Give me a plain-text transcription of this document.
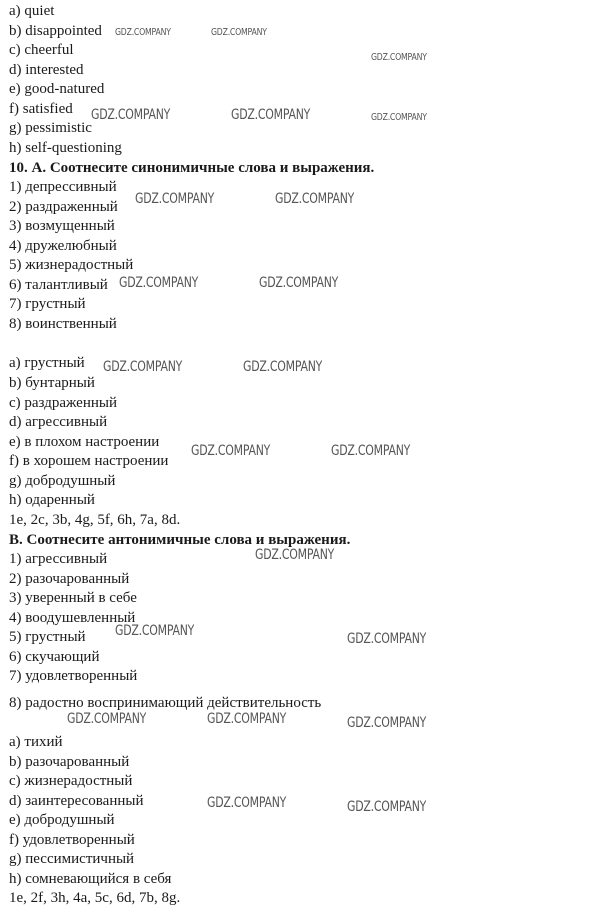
a) quiet
b) disappointed
c) cheerful
d) interested
e) good-natured
f) satisfied
g) pessimistic
h) self-questioning
10. А. Соотнесите синонимичные слова и выражения.
1) депрессивный
2) раздраженный
3) возмущенный
4) дружелюбный
5) жизнерадостный
6) талантливый
7) грустный
8) воинственный
a) грустный
b) бунтарный
c) раздраженный
d) агрессивный
e) в плохом настроении
f) в хорошем настроении
g) добродушный
h) одаренный
1e, 2c, 3b, 4g, 5f, 6h, 7a, 8d.
B. Соотнесите антонимичные слова и выражения.
1) агрессивный
2) разочарованный
3) уверенный в себе
4) воодушевленный
5) грустный
6) скучающий
7) удовлетворенный
8) радостно воспринимающий действительность
a) тихий
b) разочарованный
c) жизнерадостный
d) заинтересованный
e) добродушный
f) удовлетворенный
g) пессимистичный
h) сомневающийся в себя
1e, 2f, 3h, 4a, 5c, 6d, 7b, 8g.
GDZ.COMPANY	GDZ.COMPANY
GDZ.COMPANY
GDZ.COMPANY	GDZ.COMPANY	GDZ.COMPANY
GDZ.COMPANY	GDZ.COMPANY
GDZ.COMPANY	GDZ.COMPANY
GDZ.COMPANY	GDZ.COMPANY
GDZ.COMPANY	GDZ.COMPANY
GDZ.COMPANY
GDZ.COMPANY	GDZ.COMPANY
GDZ.COMPANY	GDZ.COMPANY	GDZ.COMPANY
GDZ.COMPANY	GDZ.COMPANY
